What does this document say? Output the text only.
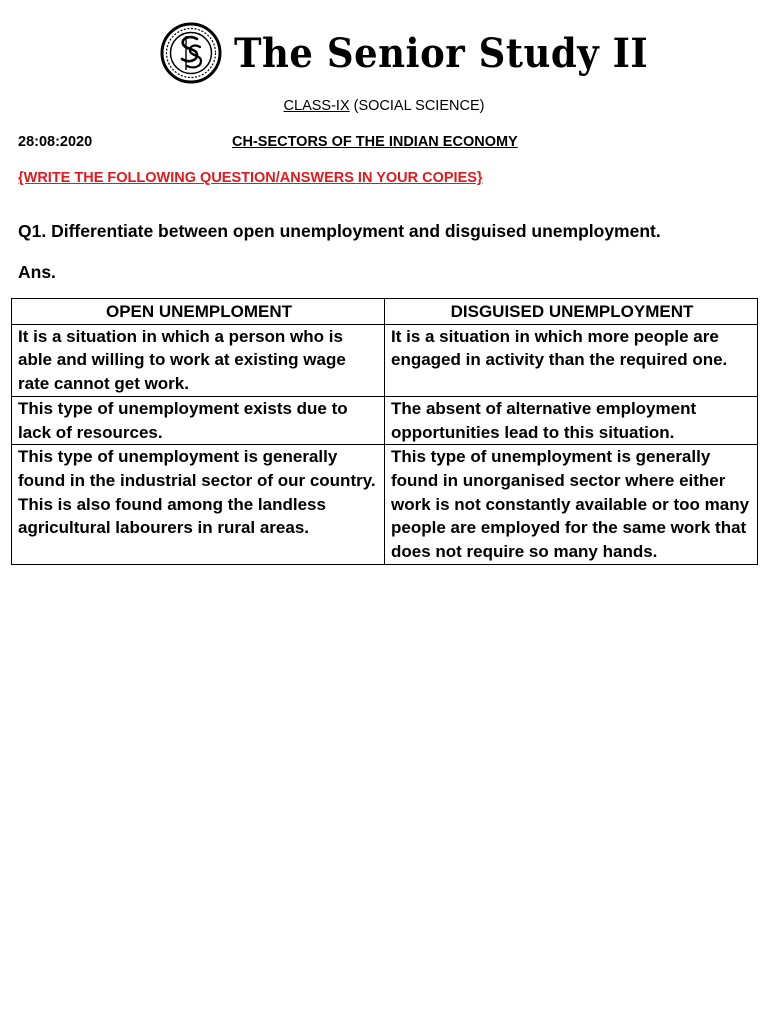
The Senior Study II
CLASS-IX (SOCIAL SCIENCE)
28:08:2020	CH-SECTORS OF THE INDIAN ECONOMY
{WRITE THE FOLLOWING QUESTION/ANSWERS IN YOUR COPIES}
Q1. Differentiate between open unemployment and disguised unemployment.
Ans.
OPEN UNEMPLOMENT	DISGUISED UNEMPLOYMENT
It is a situation in which a person who is able and willing to work at existing wage rate cannot get work.	It is a situation in which more people are engaged in activity than the required one.
This type of unemployment exists due to lack of resources.	The absent of alternative employment opportunities lead to this situation.
This type of unemployment is generally found in the industrial sector of our country. This is also found among the landless agricultural labourers in rural areas.	This type of unemployment is generally found in unorganised sector where either work is not constantly available or too many people are employed for the same work that does not require so many hands.
